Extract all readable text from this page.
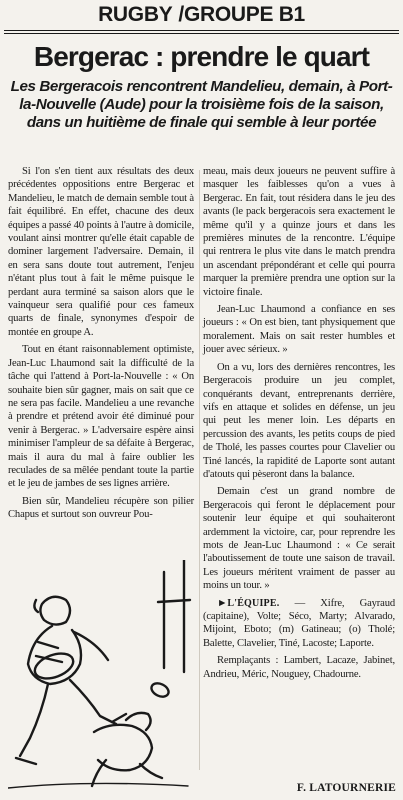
RUGBY /GROUPE B1
Bergerac : prendre le quart
Les Bergeracois rencontrent Mandelieu, demain, à Port-la-Nouvelle (Aude) pour la troisième fois de la saison, dans un huitième de finale qui semble à leur portée

Si l'on s'en tient aux résultats des deux précédentes oppositions entre Bergerac et Mandelieu, le match de demain semble tout à fait équilibré. En effet, chacune des deux équipes a passé 40 points à l'autre à domicile, voulant ainsi montrer qu'elle était capable de dominer largement l'adversaire. Demain, il en sera sans doute tout autrement, l'enjeu n'étant plus tout à fait le même puisque le perdant aura terminé sa saison alors que le vainqueur sera qualifié pour ces fameux quarts de finale, synonymes d'espoir de montée en groupe A.

Tout en étant raisonnablement optimiste, Jean-Luc Lhaumond sait la difficulté de la tâche qui l'attend à Port-la-Nouvelle : « On souhaite bien sûr gagner, mais on sait que ce ne sera pas facile. Mandelieu a une revanche à prendre et prétend avoir été diminué pour venir à Bergerac. » L'adversaire espère ainsi minimiser l'ampleur de sa défaite à Bergerac, mais il aura du mal à faire oublier les reculades de sa mêlée pendant toute la partie et le jeu de jambes de ses lignes arrière.

Bien sûr, Mandelieu récupère son pilier Chapus et surtout son ouvreur Pou-

meau, mais deux joueurs ne peuvent suffire à masquer les faiblesses qu'on a vues à Bergerac. En fait, tout résidera dans le jeu des avants (le pack bergeracois sera exactement le même qu'il y a quinze jours et dans les premières minutes de la rencontre. L'équipe qui rentrera le plus vite dans le match prendra un ascendant prépondérant et celle qui pourra marquer la première prendra une option sur la victoire finale.

Jean-Luc Lhaumond a confiance en ses joueurs : « On est bien, tant physiquement que moralement. Mais on sait rester humbles et jouer avec sérieux. »

On a vu, lors des dernières rencontres, les Bergeracois produire un jeu complet, conquérants devant, entreprenants derrière, vifs en attaque et solides en défense, un jeu qui peut les mener loin. Les départs en percussion des avants, les petits coups de pied de Tholé, les passes courtes pour Clavelier ou Tiné lancés, la rapidité de Laporte sont autant d'atouts qui pèseront dans la balance.

Demain c'est un grand nombre de Bergeracois qui feront le déplacement pour soutenir leur équipe et qui souhaiteront ardemment la victoire, car, pour reprendre les mots de Jean-Luc Lhaumond : « Ce serait l'aboutissement de toute une saison de travail. Les joueurs méritent vraiment de passer au moins un tour. »

►L'ÉQUIPE. — Xifre, Gayraud (capitaine), Volte; Séco, Marty; Alvarado, Mijoint, Eboto; (m) Gatineau; (o) Tholé; Balette, Clavelier, Tiné, Lacoste; Laporte.

Remplaçants : Lambert, Lacaze, Jabinet, Andrieu, Méric, Nouguey, Chadourne.

F. LATOURNERIE
